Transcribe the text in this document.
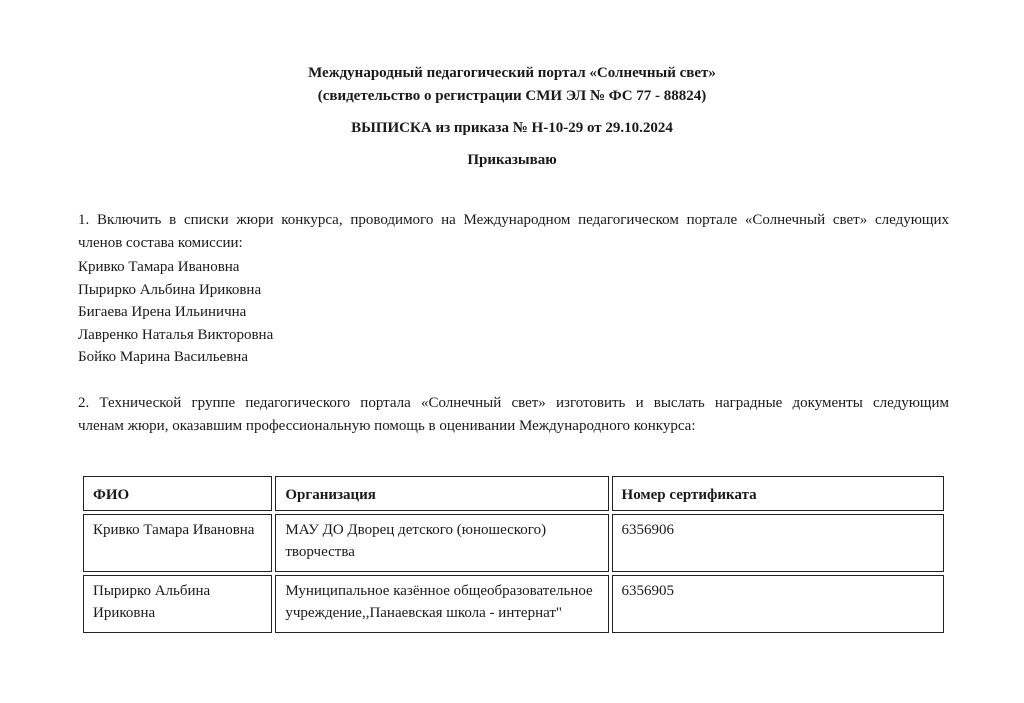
Международный педагогический портал «Солнечный свет»

(свидетельство о регистрации СМИ ЭЛ № ФС 77 - 88824)

ВЫПИСКА из приказа № Н-10-29 от 29.10.2024

Приказываю

1. Включить в списки жюри конкурса, проводимого на Международном педагогическом портале «Солнечный свет» следующих
членов состава комиссии:

Кривко Тамара Ивановна

Пырирко Альбина Ириковна

Бигаева Ирена Ильинична

Лавренко Наталья Викторовна

Бойко Марина Васильевна

2. Технической группе педагогического портала «Солнечный свет» изготовить и выслать наградные документы следующим
членам жюри, оказавшим профессиональную помощь в оценивании Международного конкурса:
ФИО	Организация	Номер сертификата
Кривко Тамара Ивановна	МАУ ДО Дворец детского (юношеского) творчества	6356906
Пырирко Альбина Ириковна	Муниципальное казённое общеобразовательное учреждение,,Панаевская школа - интернат"	6356905
